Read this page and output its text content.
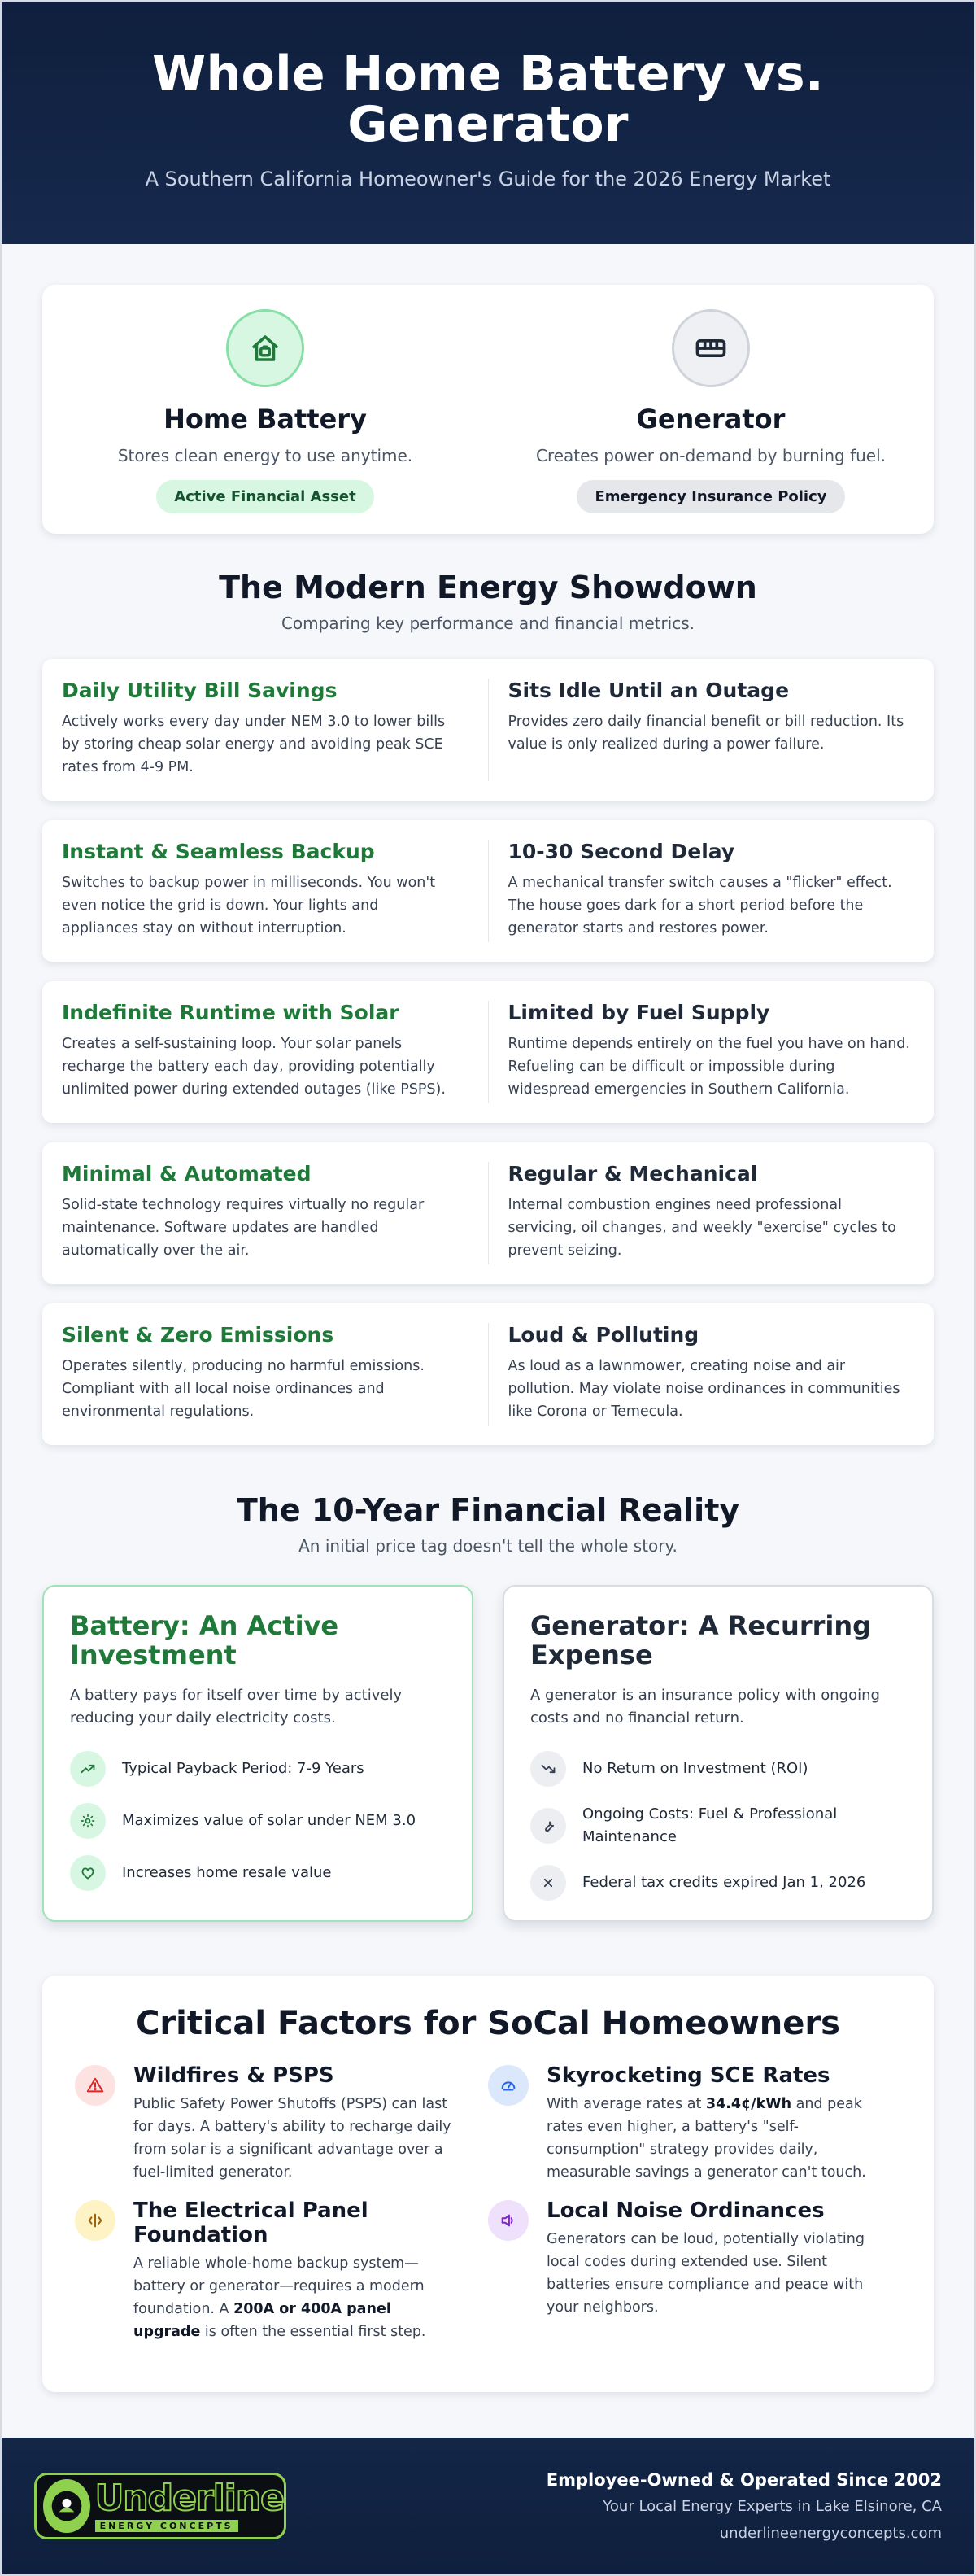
Whole Home Battery vs.
Generator

A Southern California Homeowner's Guide for the 2026 Energy Market

Home Battery
Stores clean energy to use anytime.
Active Financial Asset
Generator
Creates power on-demand by burning fuel.
Emergency Insurance Policy
The Modern Energy Showdown
Comparing key performance and financial metrics.
Daily Utility Bill Savings

Actively works every day under NEM 3.0 to lower bills
by storing cheap solar energy and avoiding peak SCE
rates from 4-9 PM.

Sits Idle Until an Outage

Provides zero daily financial benefit or bill reduction. Its
value is only realized during a power failure.

Instant & Seamless Backup

Switches to backup power in milliseconds. You won't
even notice the grid is down. Your lights and
appliances stay on without interruption.

10-30 Second Delay

A mechanical transfer switch causes a "flicker" effect.
The house goes dark for a short period before the
generator starts and restores power.

Indefinite Runtime with Solar

Creates a self-sustaining loop. Your solar panels
recharge the battery each day, providing potentially
unlimited power during extended outages (like PSPS).

Limited by Fuel Supply

Runtime depends entirely on the fuel you have on hand.
Refueling can be difficult or impossible during
widespread emergencies in Southern California.

Minimal & Automated

Solid-state technology requires virtually no regular
maintenance. Software updates are handled
automatically over the air.

Regular & Mechanical

Internal combustion engines need professional
servicing, oil changes, and weekly "exercise" cycles to
prevent seizing.

Silent & Zero Emissions

Operates silently, producing no harmful emissions.
Compliant with all local noise ordinances and
environmental regulations.

Loud & Polluting

As loud as a lawnmower, creating noise and air
pollution. May violate noise ordinances in communities
like Corona or Temecula.

The 10-Year Financial Reality
An initial price tag doesn't tell the whole story.
Battery: An Active
Investment

A battery pays for itself over time by actively
reducing your daily electricity costs.

Typical Payback Period: 7-9 Years
Maximizes value of solar under NEM 3.0
Increases home resale value
Generator: A Recurring
Expense

A generator is an insurance policy with ongoing
costs and no financial return.

No Return on Investment (ROI)
Ongoing Costs: Fuel & Professional
Maintenance
Federal tax credits expired Jan 1, 2026
Critical Factors for SoCal Homeowners
Wildfires & PSPS

Public Safety Power Shutoffs (PSPS) can last
for days. A battery's ability to recharge daily
from solar is a significant advantage over a
fuel-limited generator.

Skyrocketing SCE Rates

With average rates at 34.4¢/kWh and peak
rates even higher, a battery's "self-
consumption" strategy provides daily,
measurable savings a generator can't touch.

The Electrical Panel
Foundation

A reliable whole-home backup system—
battery or generator—requires a modern
foundation. A 200A or 400A panel
upgrade is often the essential first step.

Local Noise Ordinances

Generators can be loud, potentially violating
local codes during extended use. Silent
batteries ensure compliance and peace with
your neighbors.

Underline
ENERGY CONCEPTS
Employee-Owned & Operated Since 2002
Your Local Energy Experts in Lake Elsinore, CA
underlineenergyconcepts.com
